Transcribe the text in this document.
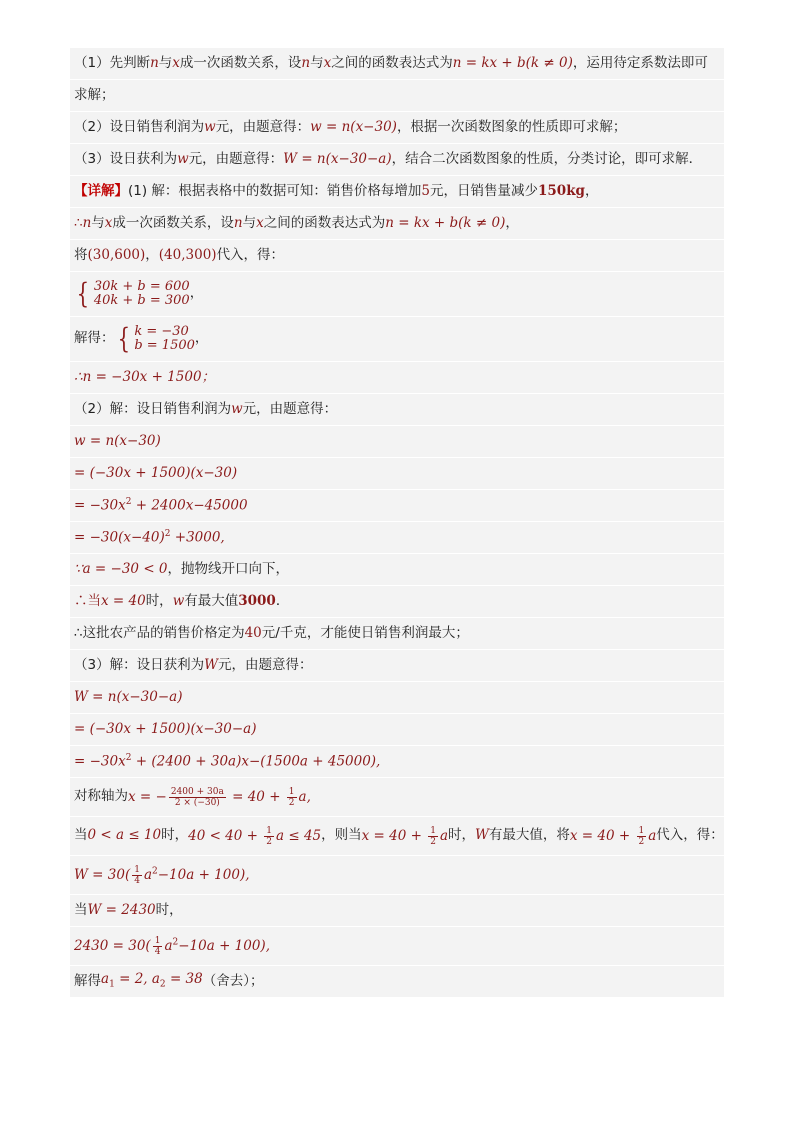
（1）先判断 n 与 x 成一次函数关系，设 n 与 x 之间的函数表达式为 n = kx + b(k ≠ 0) ，运用待定系数法即可
求解；
（2）设日销售利润为 w 元，由题意得： w = n(x−30) ，根据一次函数图象的性质即可求解；
（3）设日获利为 w 元，由题意得： W = n(x−30−a) ，结合二次函数图象的性质，分类讨论，即可求解．
【详解】 (1) 解：根据表格中的数据可知：销售价格每增加 5 元，日销售量减少 150kg ，
∴ n 与 x 成一次函数关系，设 n 与 x 之间的函数表达式为 n = kx + b(k ≠ 0) ，
将 (30,600) ， (40,300) 代入，得：
{ 30k + b = 600
40k + b = 300 ，
解得： { k = −30
b = 1500 ，
∴n = −30x + 1500；
（2）解：设日销售利润为 w 元，由题意得：
w = n(x−30)
= (−30x + 1500)(x−30)
= $-30x^2 + 2400x-45000$
= $-30(x-40)^2 +3000$,
∵a = −30 < 0 ，抛物线开口向下，
∴当 x = 40 时， w 有最大值 3000 ．
∴这批农产品的销售价格定为 40 元/千克，才能使日销售利润最大；
（3）解：设日获利为 W 元，由题意得：
W = n(x−30−a)
= (−30x + 1500)(x−30−a)
= $-30x^2 + (2400 + 30a)x-(1500a + 45000)$,
对称轴为 x = − $\frac{2400 + 30a}{2 \times (-30)} = 40 + \frac{1}{2} a$,
当 0 < a ≤ 10 时， $40 < 40 + \frac{1}{2}$ a ≤ 45 ，则当 $x = 40 + \frac{1}{2}$ a 时， W 有最大值，将 $x = 40 + \frac{1}{2}$ a 代入，得：
$W = 30( \frac{1}{4} a^2-10a + 100)$,
当 W = 2430 时，
$2430 = 30( \frac{1}{4} a^2-10a + 100)$,
解得 $a_1 = 2$, $a_2 = 38$ （舍去）；
